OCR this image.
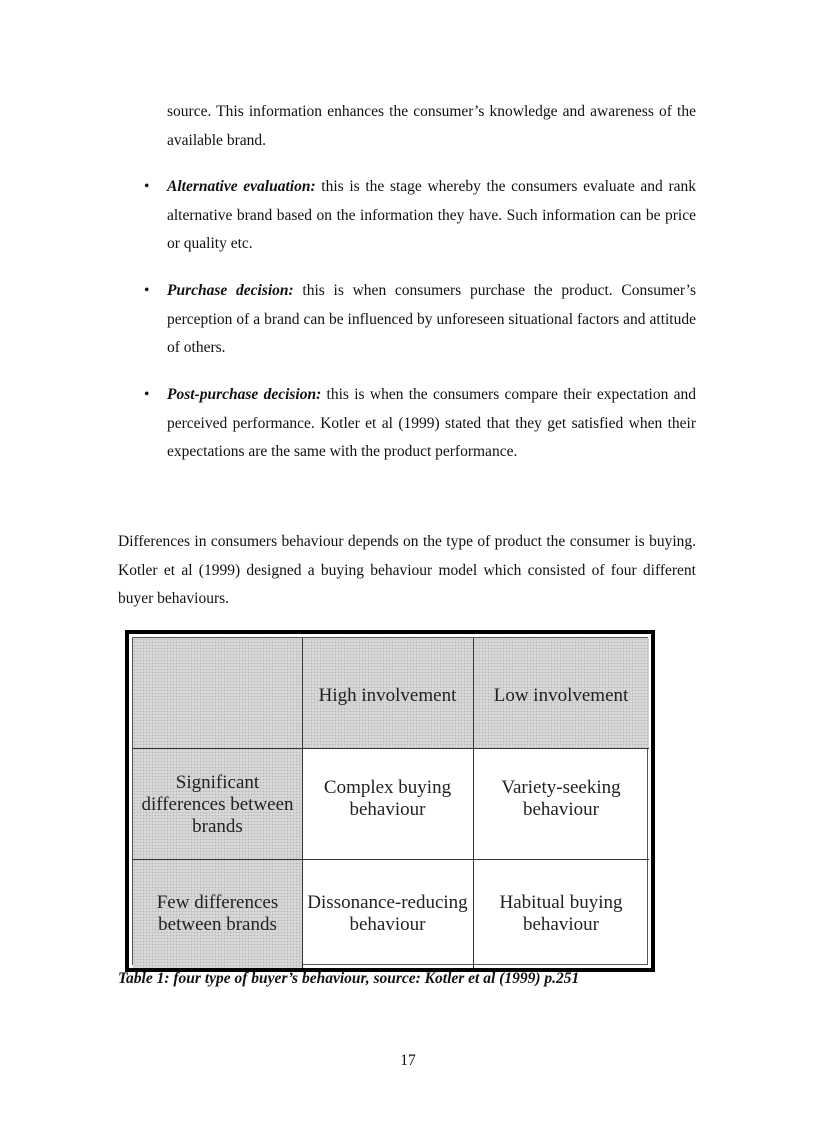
source. This information enhances the consumer’s knowledge and awareness of the available brand.

• Alternative evaluation: this is the stage whereby the consumers evaluate and rank alternative brand based on the information they have. Such information can be price or quality etc.
• Purchase decision: this is when consumers purchase the product. Consumer’s perception of a brand can be influenced by unforeseen situational factors and attitude of others.
• Post-purchase decision: this is when the consumers compare their expectation and perceived performance. Kotler et al (1999) stated that they get satisfied when their expectations are the same with the product performance.

Differences in consumers behaviour depends on the type of product the consumer is buying. Kotler et al (1999) designed a buying behaviour model which consisted of four different buyer behaviours.

High involvement	Low involvement
Significant differences between brands
Complex buying behaviour
Variety-seeking behaviour
Few differences between brands
Dissonance-reducing behaviour
Habitual buying behaviour
Table 1: four type of buyer’s behaviour, source: Kotler et al (1999) p.251
17
